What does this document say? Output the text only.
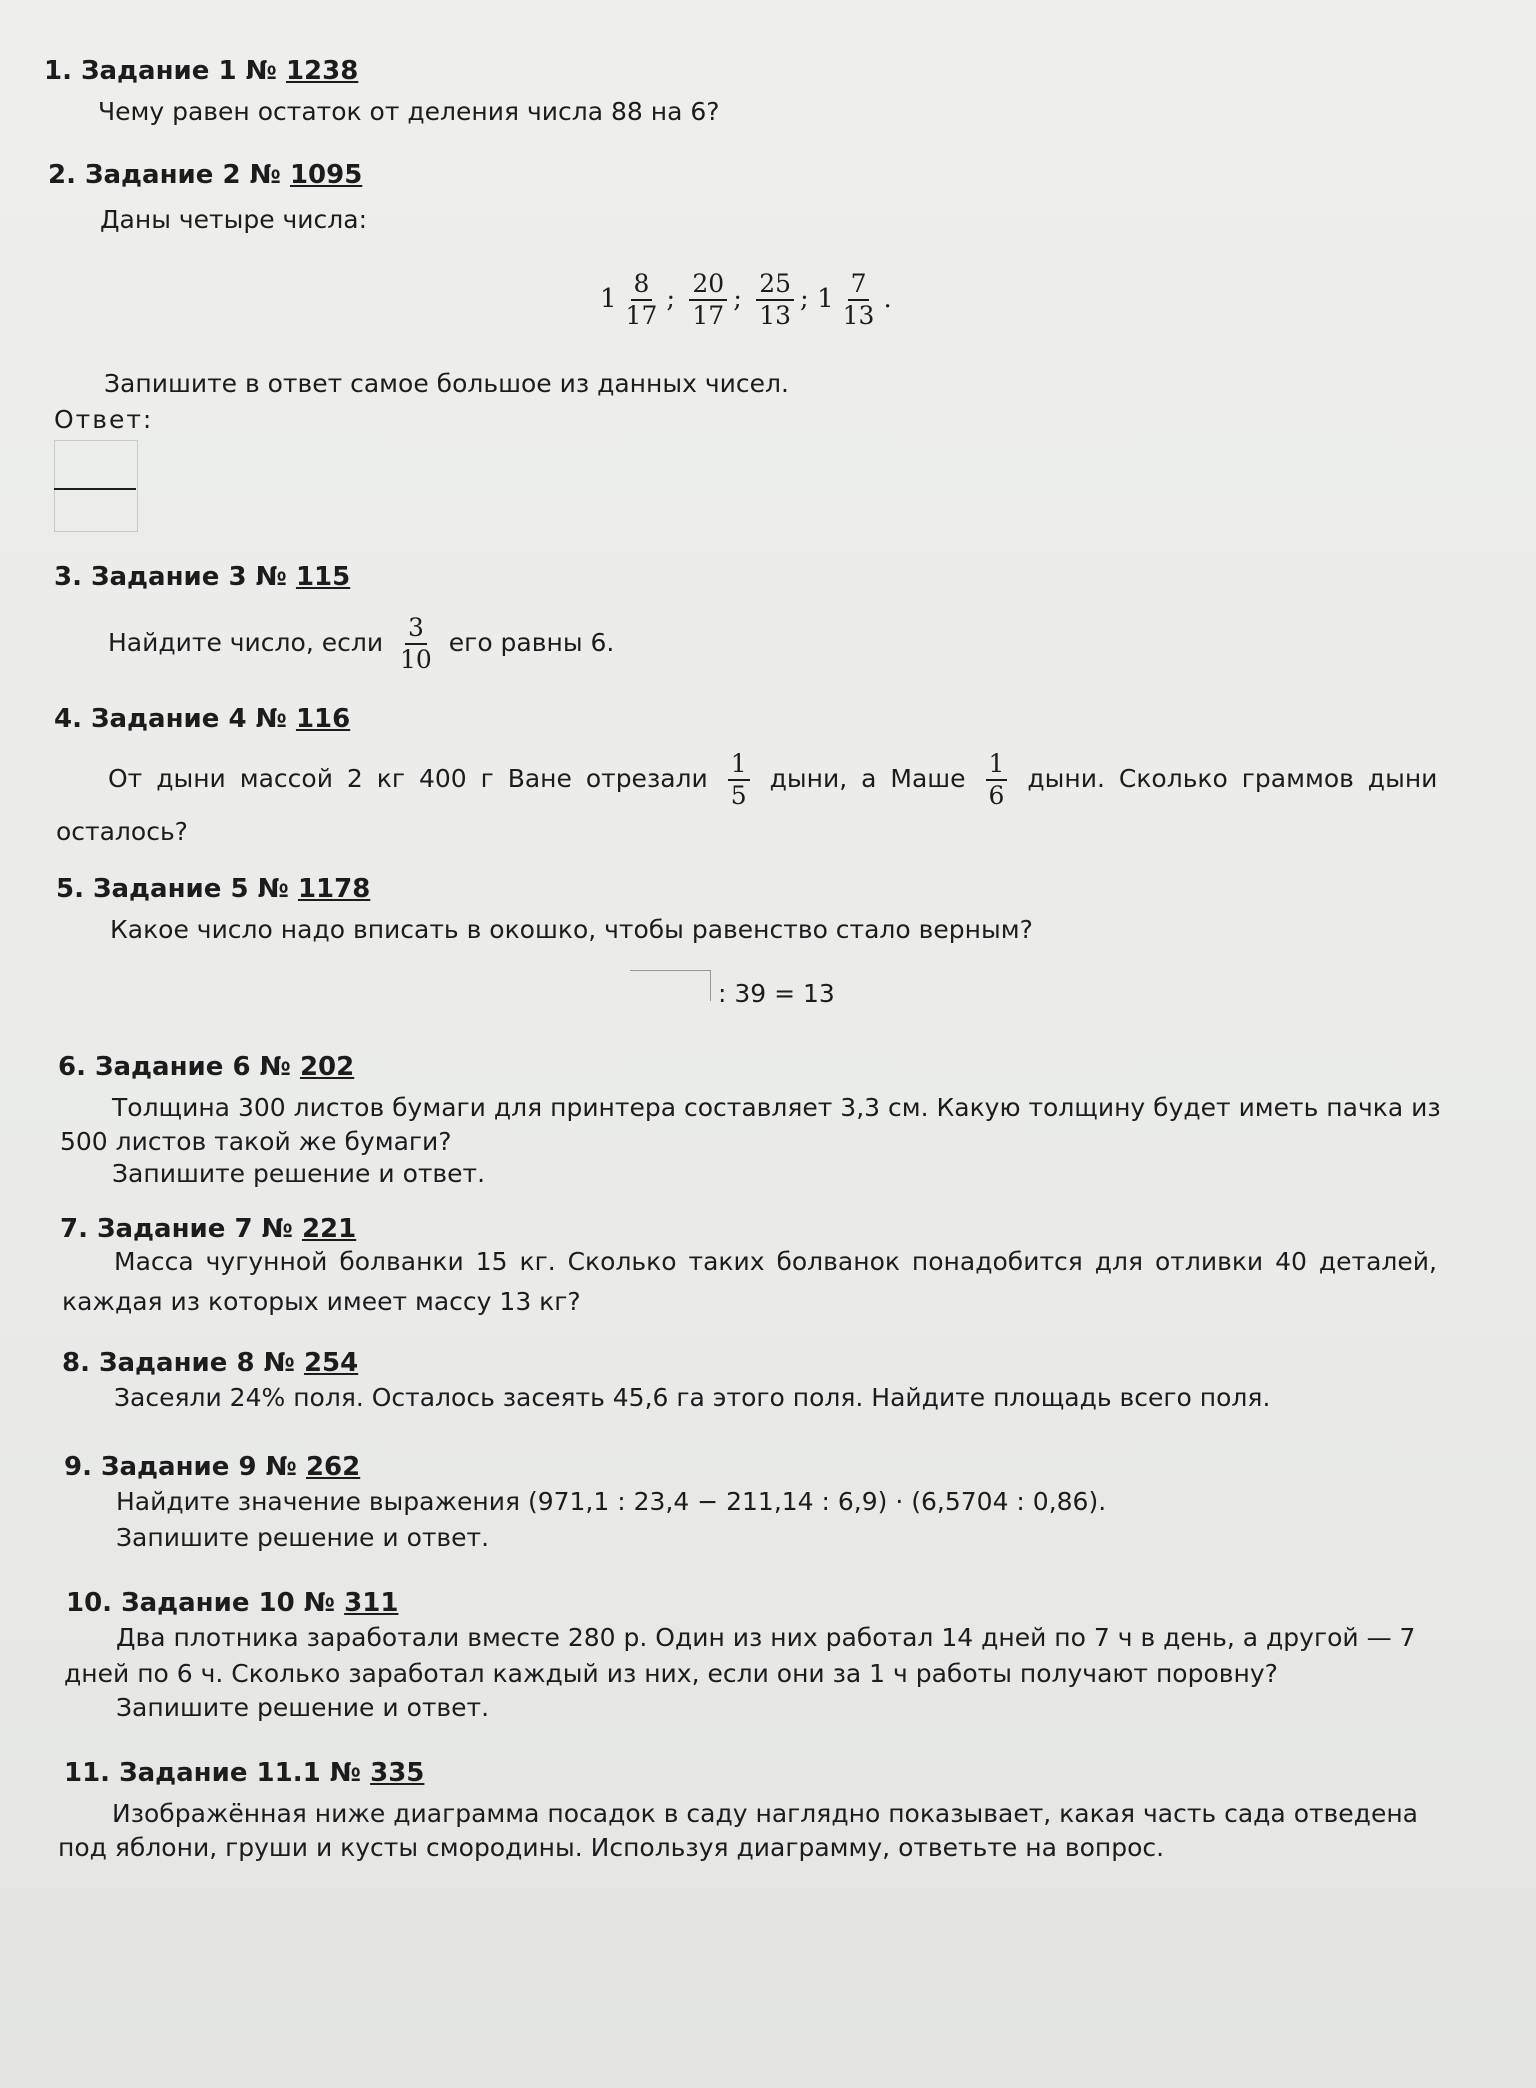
1. Задание 1 № 1238
Чему равен остаток от деления числа 88 на 6?
2. Задание 2 № 1095
Даны четыре числа:
$1 \frac{8}{17}$ ; $\frac{20}{17}$ ; $\frac{25}{13}$ ; $1 \frac{7}{13}$ .
Запишите в ответ самое большое из данных чисел.
Ответ:
3. Задание 3 № 115
Найдите число, если $\frac{3}{10}$ его равны 6.
4. Задание 4 № 116
От дыни массой 2 кг 400 г Ване отрезали $\frac{1}{5}$ дыни, а Маше $\frac{1}{6}$ дыни. Сколько граммов дыни
осталось?
5. Задание 5 № 1178
Какое число надо вписать в окошко, чтобы равенство стало верным?
: 39 = 13
6. Задание 6 № 202
Толщина 300 листов бумаги для принтера составляет 3,3 см. Какую толщину будет иметь пачка из
500 листов такой же бумаги?
Запишите решение и ответ.
7. Задание 7 № 221
Масса чугунной болванки 15 кг. Сколько таких болванок понадобится для отливки 40 деталей,
каждая из которых имеет массу 13 кг?
8. Задание 8 № 254
Засеяли 24% поля. Осталось засеять 45,6 га этого поля. Найдите площадь всего поля.
9. Задание 9 № 262
Найдите значение выражения (971,1 : 23,4 − 211,14 : 6,9) · (6,5704 : 0,86).
Запишите решение и ответ.
10. Задание 10 № 311
Два плотника заработали вместе 280 р. Один из них работал 14 дней по 7 ч в день, а другой — 7
дней по 6 ч. Сколько заработал каждый из них, если они за 1 ч работы получают поровну?
Запишите решение и ответ.
11. Задание 11.1 № 335
Изображённая ниже диаграмма посадок в саду наглядно показывает, какая часть сада отведена
под яблони, груши и кусты смородины. Используя диаграмму, ответьте на вопрос.
